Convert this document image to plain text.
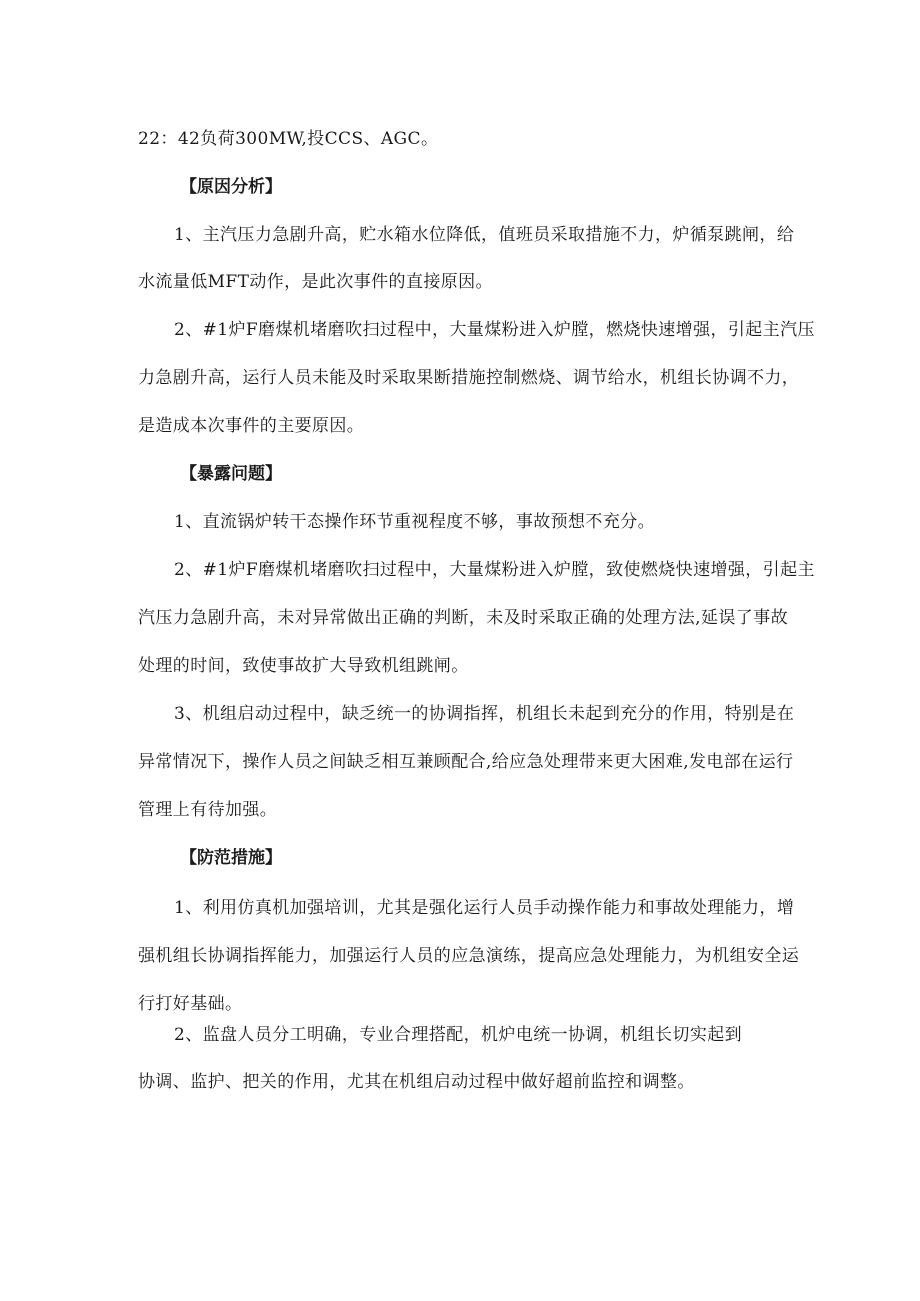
22：42负荷300MW,投CCS、AGC。
【原因分析】
1、主汽压力急剧升高，贮水箱水位降低，值班员采取措施不力，炉循泵跳闸，给
水流量低MFT动作，是此次事件的直接原因。
2、#1炉F磨煤机堵磨吹扫过程中，大量煤粉进入炉膛，燃烧快速增强，引起主汽压
力急剧升高，运行人员未能及时采取果断措施控制燃烧、调节给水，机组长协调不力，
是造成本次事件的主要原因。
【暴露问题】
1、直流锅炉转干态操作环节重视程度不够，事故预想不充分。
2、#1炉F磨煤机堵磨吹扫过程中，大量煤粉进入炉膛，致使燃烧快速增强，引起主
汽压力急剧升高，未对异常做出正确的判断，未及时采取正确的处理方法,延误了事故
处理的时间，致使事故扩大导致机组跳闸。
3、机组启动过程中，缺乏统一的协调指挥，机组长未起到充分的作用，特别是在
异常情况下，操作人员之间缺乏相互兼顾配合,给应急处理带来更大困难,发电部在运行
管理上有待加强。
【防范措施】
1、利用仿真机加强培训，尤其是强化运行人员手动操作能力和事故处理能力，增
强机组长协调指挥能力，加强运行人员的应急演练，提高应急处理能力，为机组安全运
行打好基础。
2、监盘人员分工明确，专业合理搭配，机炉电统一协调，机组长切实起到
协调、监护、把关的作用，尤其在机组启动过程中做好超前监控和调整。
